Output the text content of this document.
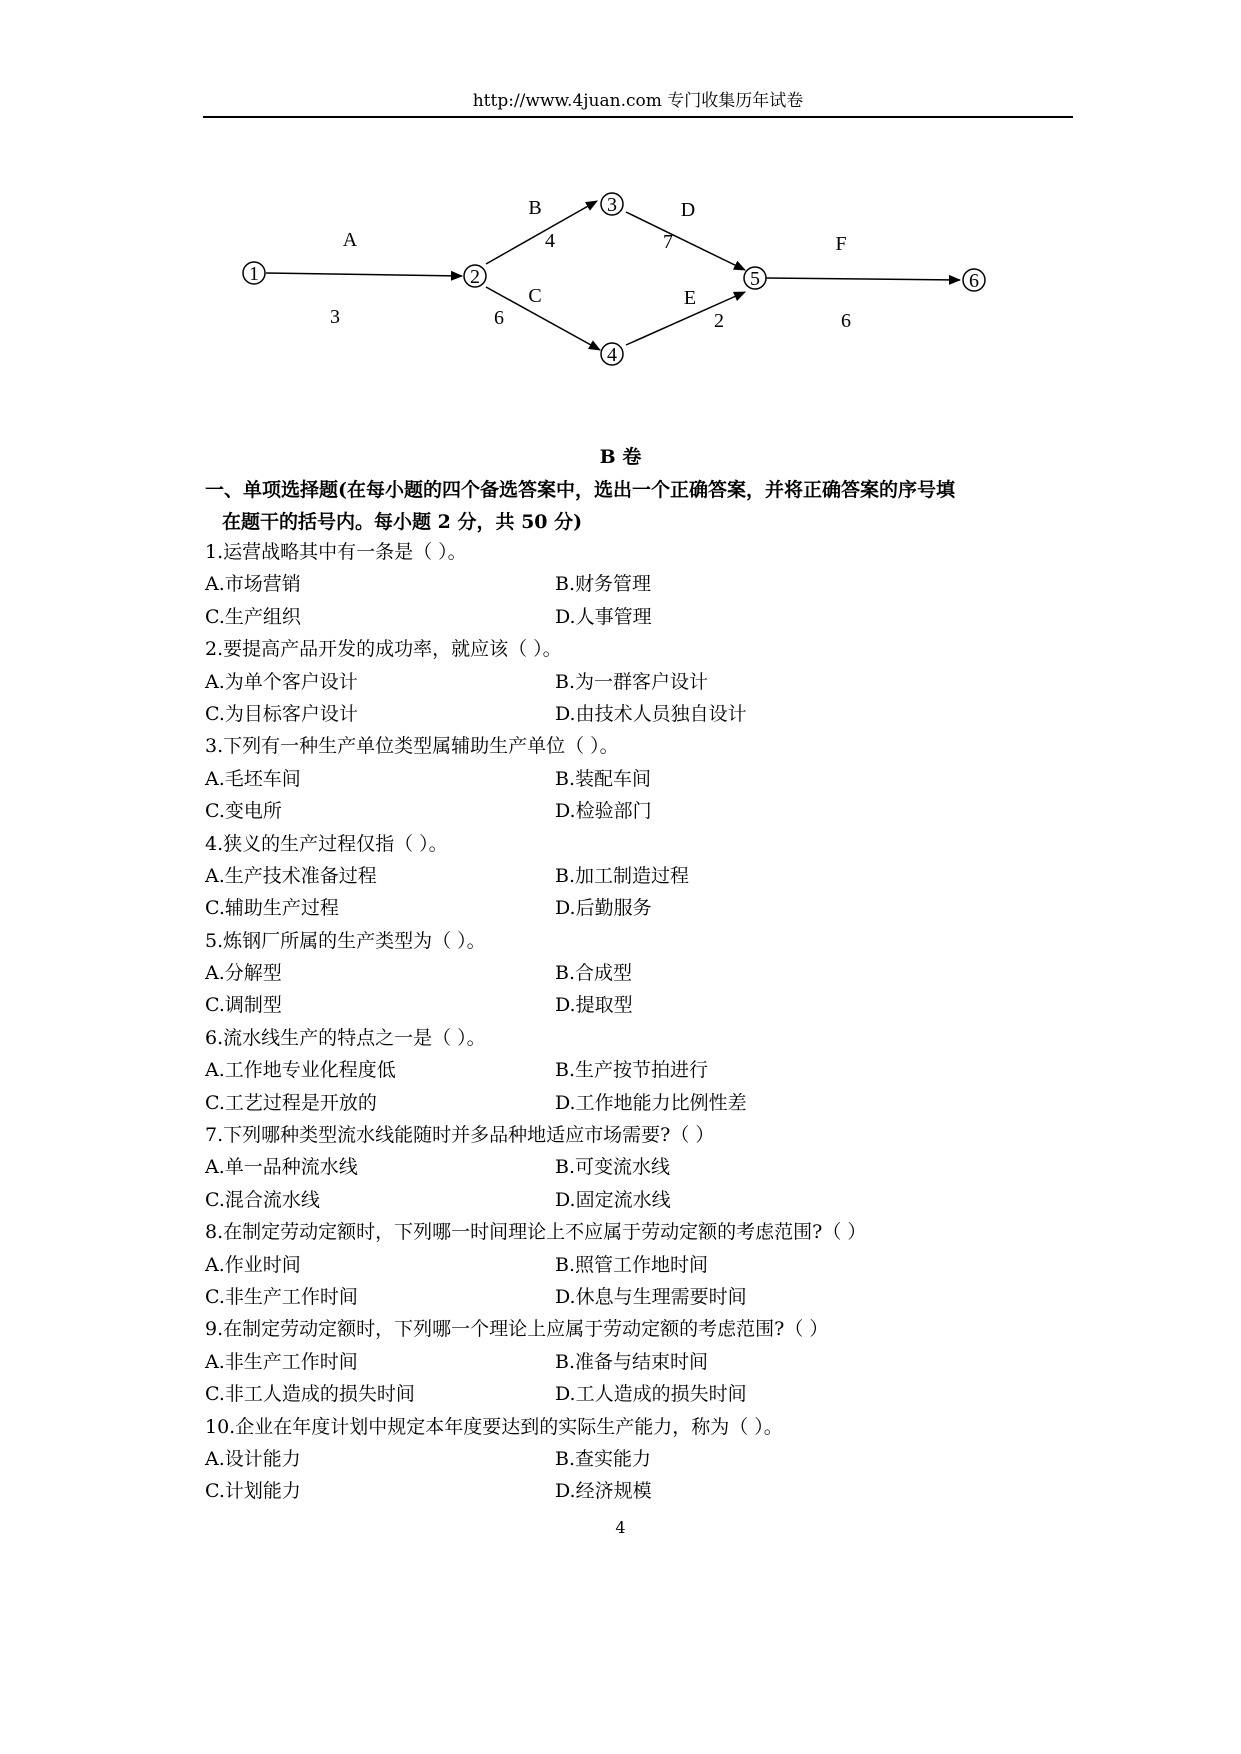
http://www.4juan.com 专门收集历年试卷
1	2
3
4
5	6
A
3
B
4
C
6
D
7
E
2
F
6
B 卷
一、单项选择题(在每小题的四个备选答案中，选出一个正确答案，并将正确答案的序号填
在题干的括号内。每小题 2 分，共 50 分)
1.运营战略其中有一条是（ ）。
A.市场营销	B.财务管理
C.生产组织	D.人事管理
2.要提高产品开发的成功率，就应该（ ）。
A.为单个客户设计	B.为一群客户设计
C.为目标客户设计	D.由技术人员独自设计
3.下列有一种生产单位类型属辅助生产单位（ ）。
A.毛坯车间	B.装配车间
C.变电所	D.检验部门
4.狭义的生产过程仅指（ ）。
A.生产技术准备过程	B.加工制造过程
C.辅助生产过程	D.后勤服务
5.炼钢厂所属的生产类型为（ ）。
A.分解型	B.合成型
C.调制型	D.提取型
6.流水线生产的特点之一是（ ）。
A.工作地专业化程度低	B.生产按节拍进行
C.工艺过程是开放的	D.工作地能力比例性差
7.下列哪种类型流水线能随时并多品种地适应市场需要?（ ）
A.单一品种流水线	B.可变流水线
C.混合流水线	D.固定流水线
8.在制定劳动定额时，下列哪一时间理论上不应属于劳动定额的考虑范围?（ ）
A.作业时间	B.照管工作地时间
C.非生产工作时间	D.休息与生理需要时间
9.在制定劳动定额时，下列哪一个理论上应属于劳动定额的考虑范围?（ ）
A.非生产工作时间	B.准备与结束时间
C.非工人造成的损失时间	D.工人造成的损失时间
10.企业在年度计划中规定本年度要达到的实际生产能力，称为（ ）。
A.设计能力	B.查实能力
C.计划能力	D.经济规模
4
